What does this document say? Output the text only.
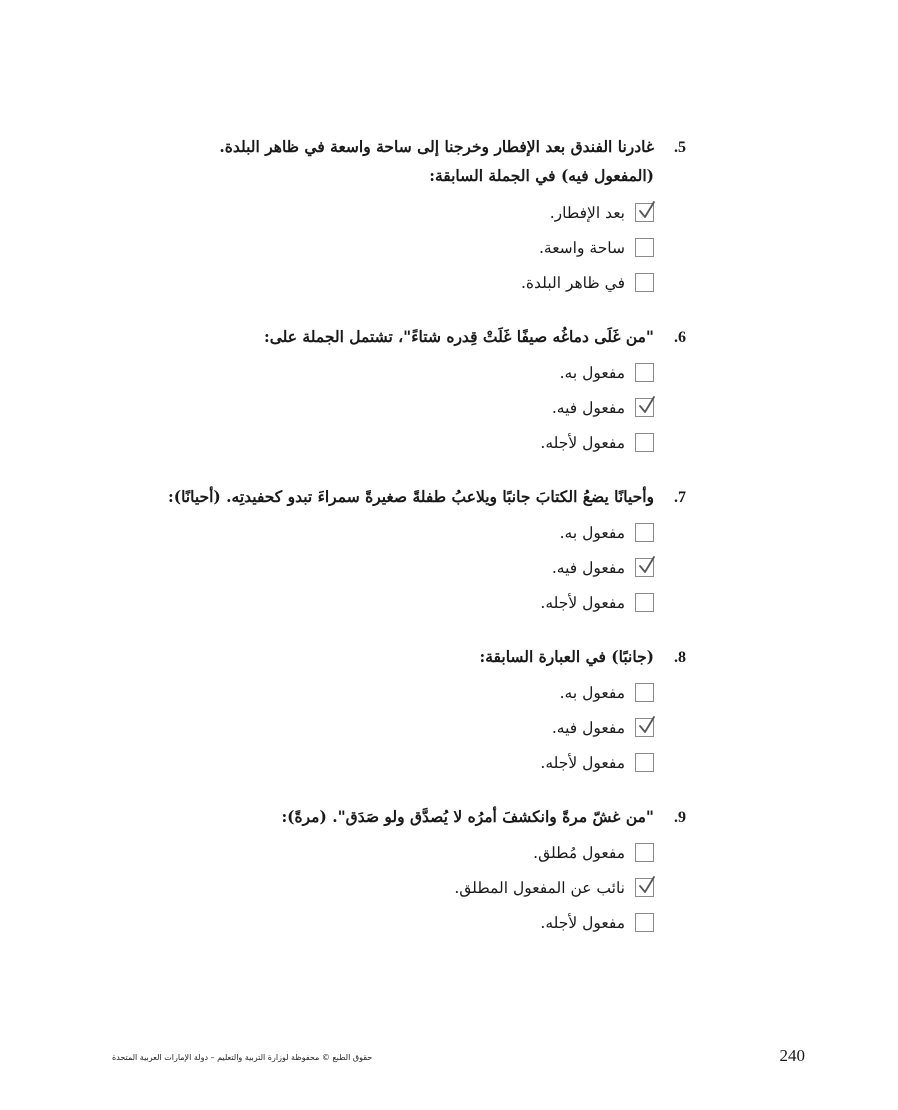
5.
غادرنا الفندق بعد الإفطار وخرجنا إلى ساحة واسعة في ظاهر البلدة.
(المفعول فيه) في الجملة السابقة:
بعد الإفطار.
ساحة واسعة.
في ظاهر البلدة.
6.
"من غَلَى دماغُه صيفًا غَلَتْ قِدره شتاءً"، تشتمل الجملة على:
مفعول به.
مفعول فيه.
مفعول لأجله.
7.
وأحيانًا يضعُ الكتابَ جانبًا ويلاعبُ طفلةً صغيرةً سمراءَ تبدو كحفيدتِه. (أحيانًا):
مفعول به.
مفعول فيه.
مفعول لأجله.
8.
(جانبًا) في العبارة السابقة:
مفعول به.
مفعول فيه.
مفعول لأجله.
9.
"من غشّ مرةً وانكشفَ أمرُه لا يُصدَّق ولو صَدَق". (مرةً):
مفعول مُطلق.
نائب عن المفعول المطلق.
مفعول لأجله.
240
حقوق الطبع © محفوظة لوزارة التربية والتعليم – دولة الإمارات العربية المتحدة
